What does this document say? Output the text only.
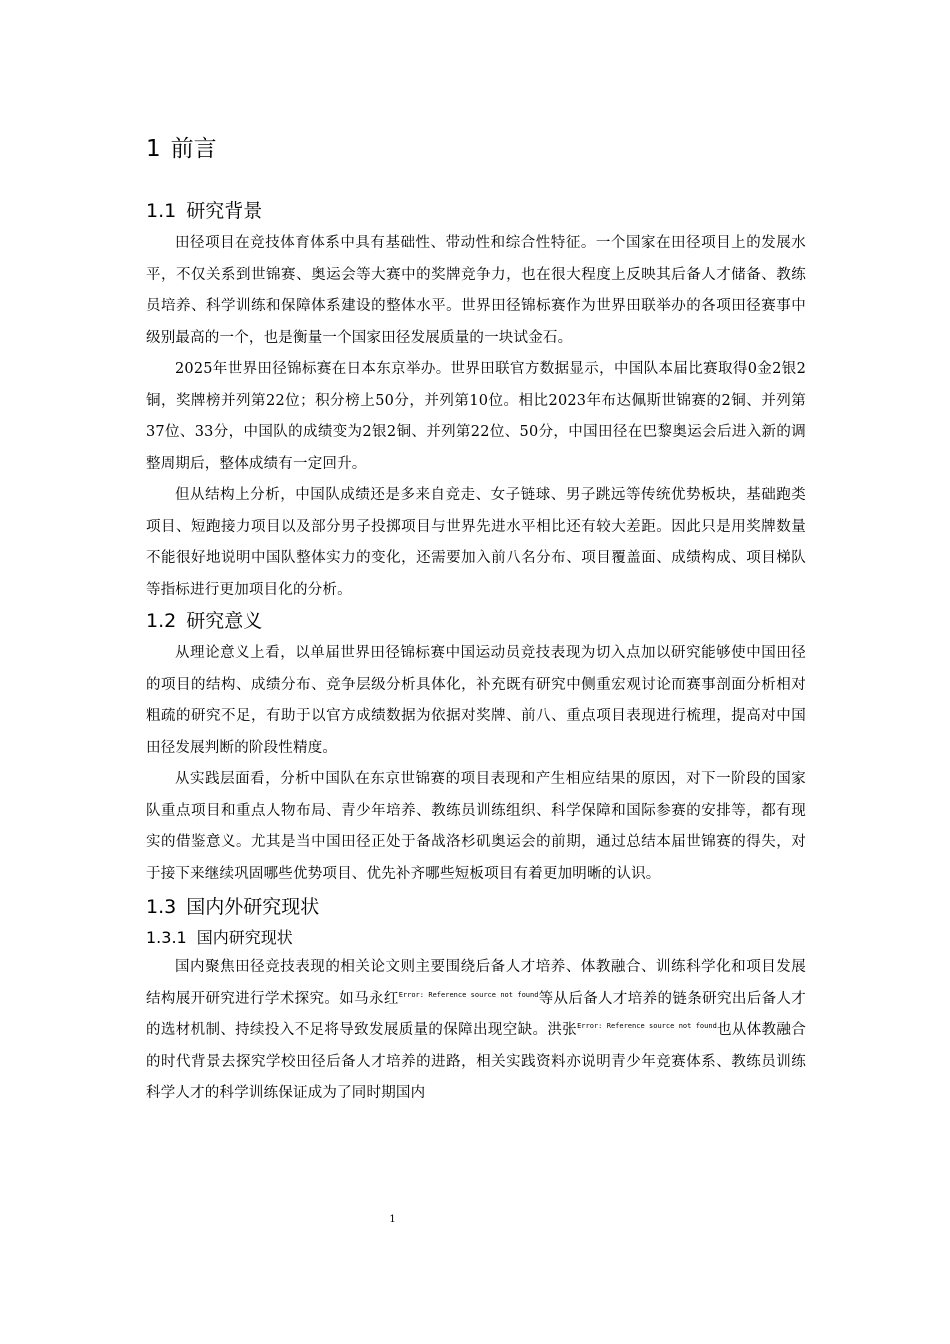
1 前言
1.1 研究背景

田径项目在竞技体育体系中具有基础性、带动性和综合性特征。一个国家在田径项目上的发展水平，不仅关系到世锦赛、奥运会等大赛中的奖牌竞争力，也在很大程度上反映其后备人才储备、教练员培养、科学训练和保障体系建设的整体水平。世界田径锦标赛作为世界田联举办的各项田径赛事中级别最高的一个，也是衡量一个国家田径发展质量的一块试金石。

2025年世界田径锦标赛在日本东京举办。世界田联官方数据显示，中国队本届比赛取得0金2银2铜，奖牌榜并列第22位；积分榜上50分，并列第10位。相比2023年布达佩斯世锦赛的2铜、并列第37位、33分，中国队的成绩变为2银2铜、并列第22位、50分，中国田径在巴黎奥运会后进入新的调整周期后，整体成绩有一定回升。

但从结构上分析，中国队成绩还是多来自竞走、女子链球、男子跳远等传统优势板块，基础跑类项目、短跑接力项目以及部分男子投掷项目与世界先进水平相比还有较大差距。因此只是用奖牌数量不能很好地说明中国队整体实力的变化，还需要加入前八名分布、项目覆盖面、成绩构成、项目梯队等指标进行更加项目化的分析。

1.2 研究意义

从理论意义上看，以单届世界田径锦标赛中国运动员竞技表现为切入点加以研究能够使中国田径的项目的结构、成绩分布、竞争层级分析具体化，补充既有研究中侧重宏观讨论而赛事剖面分析相对粗疏的研究不足，有助于以官方成绩数据为依据对奖牌、前八、重点项目表现进行梳理，提高对中国田径发展判断的阶段性精度。

从实践层面看，分析中国队在东京世锦赛的项目表现和产生相应结果的原因，对下一阶段的国家队重点项目和重点人物布局、青少年培养、教练员训练组织、科学保障和国际参赛的安排等，都有现实的借鉴意义。尤其是当中国田径正处于备战洛杉矶奥运会的前期，通过总结本届世锦赛的得失，对于接下来继续巩固哪些优势项目、优先补齐哪些短板项目有着更加明晰的认识。

1.3 国内外研究现状
1.3.1 国内研究现状

国内聚焦田径竞技表现的相关论文则主要围绕后备人才培养、体教融合、训练科学化和项目发展结构展开研究进行学术探究。如马永红$^{Error: Reference source not found}$等从后备人才培养的链条研究出后备人才的选材机制、持续投入不足将导致发展质量的保障出现空缺。洪张$^{Error: Reference source not found}$也从体教融合的时代背景去探究学校田径后备人才培养的进路，相关实践资料亦说明青少年竞赛体系、教练员训练科学人才的科学训练保证成为了同时期国内

1
